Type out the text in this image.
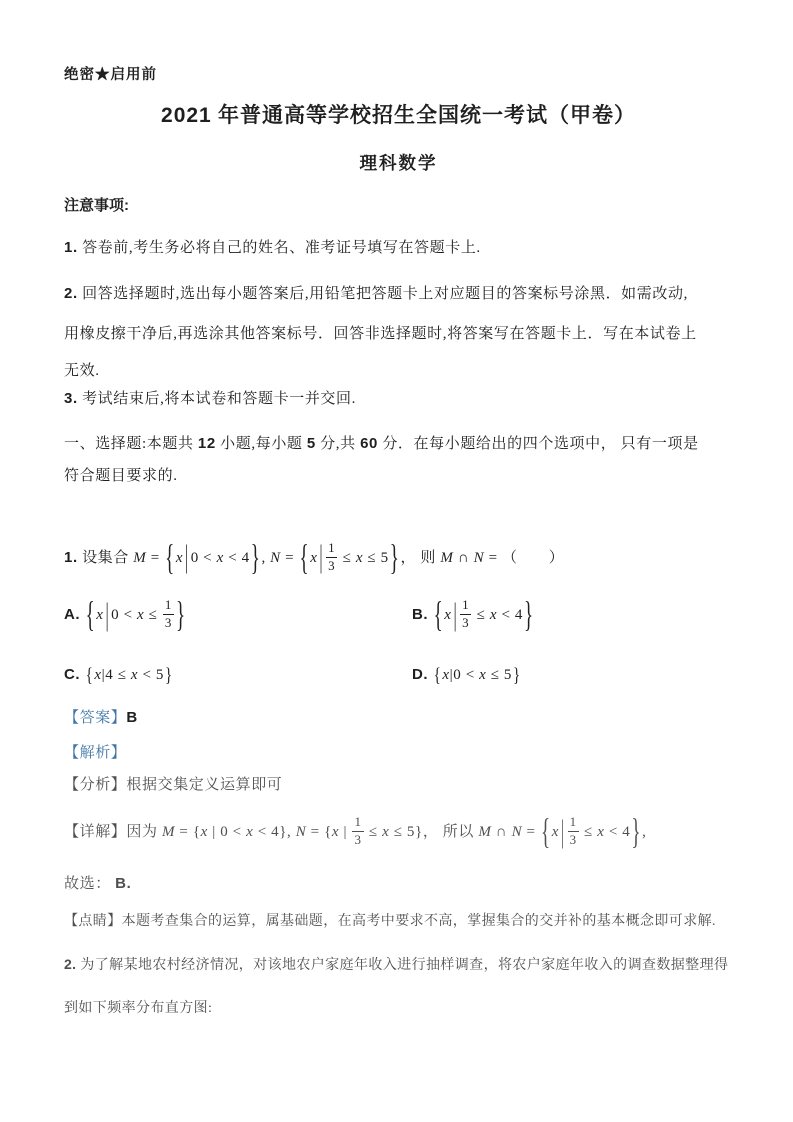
绝密★启用前

2021 年普通高等学校招生全国统一考试（甲卷）
理科数学
注意事项:

1. 答卷前,考生务必将自己的姓名、准考证号填写在答题卡上.

2. 回答选择题时,选出每小题答案后,用铅笔把答题卡上对应题目的答案标号涂黑．如需改动,

用橡皮擦干净后,再选涂其他答案标号．回答非选择题时,将答案写在答题卡上．写在本试卷上

无效.

3. 考试结束后,将本试卷和答题卡一并交回.

一、选择题:本题共 12 小题,每小题 5 分,共 60 分．在每小题给出的四个选项中， 只有一项是

符合题目要求的.

1. 设集合 M = {x | 0 < x < 4}, N = {x | $\frac{1}{3} \le x \le 5$}， 则 M ∩ N = （　　）

A. {x | $0 < x \le \frac{1}{3}$ }	B. {x | $\frac{1}{3} \le x < 4$}
C. {x|4 ≤ x < 5}	D. {x|0 < x ≤ 5}

【答案】B

【解析】

【分析】根据交集定义运算即可

【详解】因为 M = {x | 0 < x < 4}, N = {x | $\frac{1}{3} \le x \le 5$}， 所以 M ∩ N = {x | $\frac{1}{3} \le x < 4$},

故选： B.

【点睛】本题考查集合的运算，属基础题，在高考中要求不高，掌握集合的交并补的基本概念即可求解.

2. 为了解某地农村经济情况，对该地农户家庭年收入进行抽样调查，将农户家庭年收入的调查数据整理得

到如下频率分布直方图:
